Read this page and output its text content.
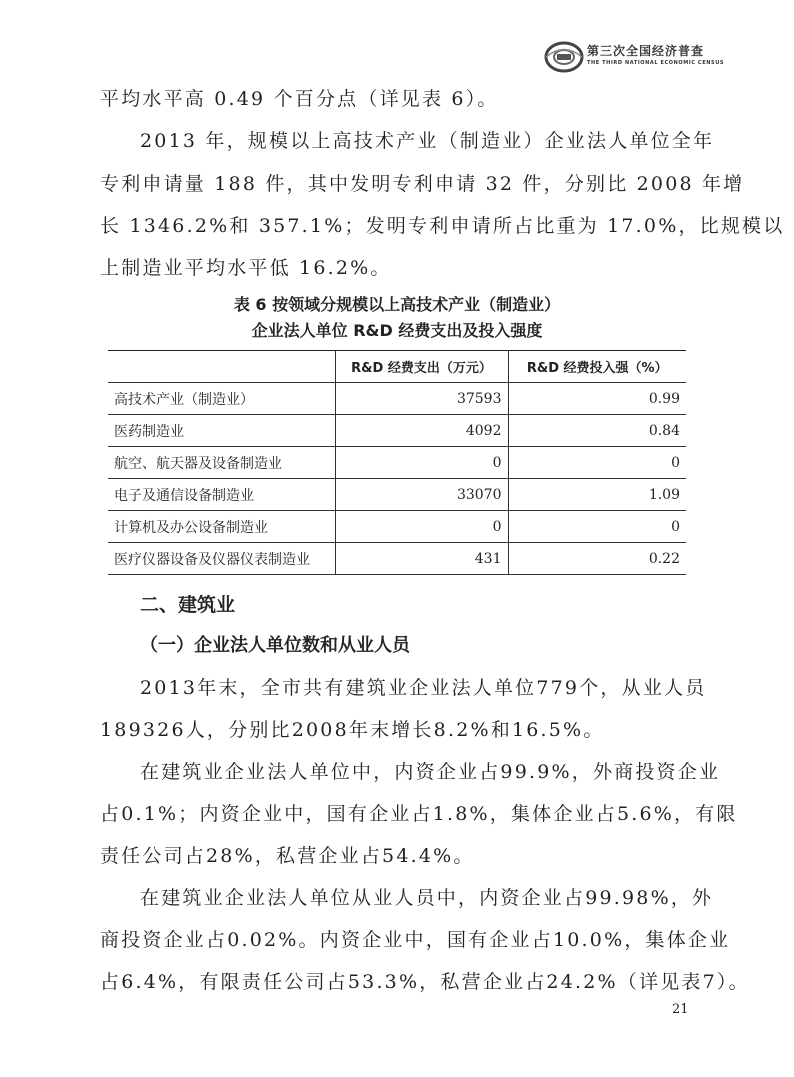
第三次全国经济普查
THE THIRD NATIONAL ECONOMIC CENSUS
平均水平高 0.49 个百分点（详见表 6）。
2013 年，规模以上高技术产业（制造业）企业法人单位全年
专利申请量 188 件，其中发明专利申请 32 件，分别比 2008 年增
长 1346.2%和 357.1%；发明专利申请所占比重为 17.0%，比规模以
上制造业平均水平低 16.2%。
表 6 按领域分规模以上高技术产业（制造业）
企业法人单位 R&D 经费支出及投入强度
	R&D 经费支出（万元）	R&D 经费投入强（%）
高技术产业（制造业）	37593	0.99
医药制造业	4092	0.84
航空、航天器及设备制造业	0	0
电子及通信设备制造业	33070	1.09
计算机及办公设备制造业	0	0
医疗仪器设备及仪器仪表制造业	431	0.22
二、建筑业
（一）企业法人单位数和从业人员
2013年末，全市共有建筑业企业法人单位779个，从业人员
189326人，分别比2008年末增长8.2%和16.5%。
在建筑业企业法人单位中，内资企业占99.9%，外商投资企业
占0.1%；内资企业中，国有企业占1.8%，集体企业占5.6%，有限
责任公司占28%，私营企业占54.4%。
在建筑业企业法人单位从业人员中，内资企业占99.98%，外
商投资企业占0.02%。内资企业中，国有企业占10.0%，集体企业
占6.4%，有限责任公司占53.3%，私营企业占24.2%（详见表7）。
21
